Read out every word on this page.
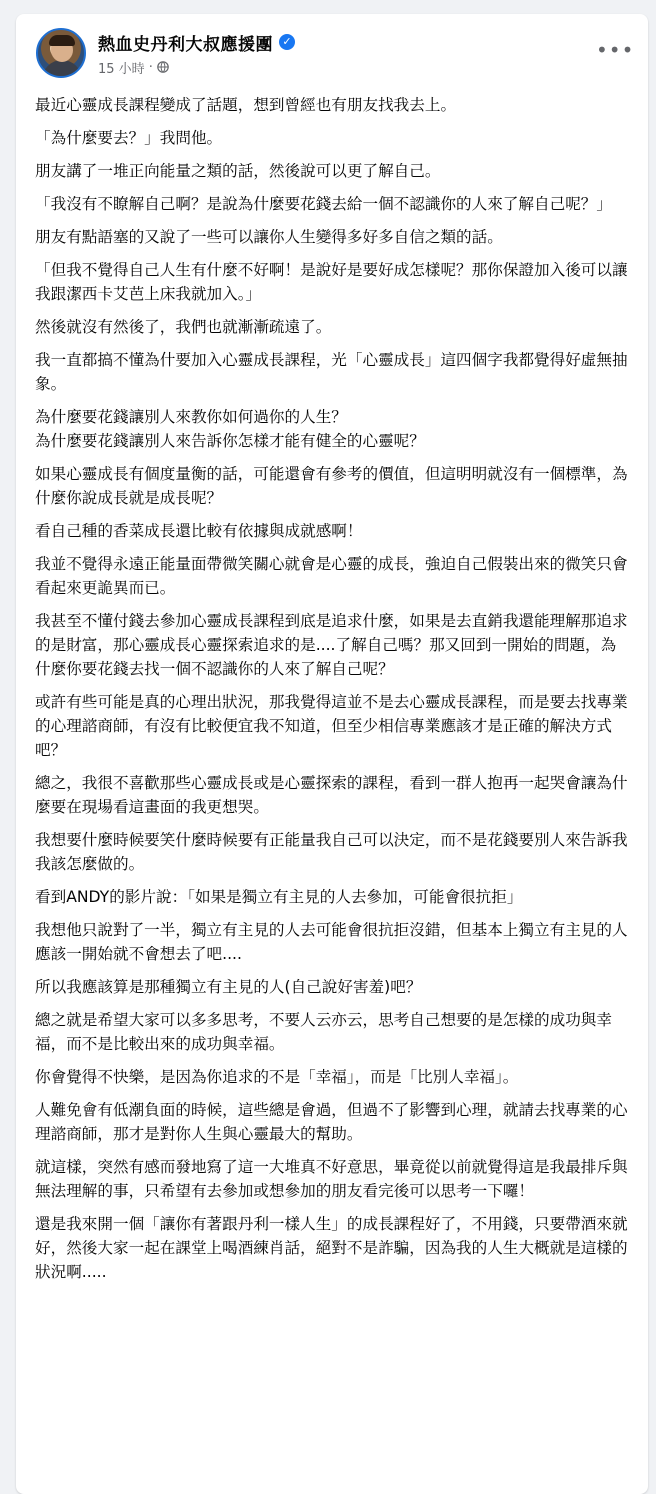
熱血史丹利大叔應援團 ✓
15 小時 ·
•••

最近心靈成長課程變成了話題，想到曾經也有朋友找我去上。

「為什麼要去？」我問他。

朋友講了一堆正向能量之類的話，然後說可以更了解自己。

「我沒有不瞭解自己啊？是說為什麼要花錢去給一個不認識你的人來了解自己呢？」

朋友有點語塞的又說了一些可以讓你人生變得多好多自信之類的話。

「但我不覺得自己人生有什麼不好啊！是說好是要好成怎樣呢？那你保證加入後可以讓我跟潔西卡艾芭上床我就加入。」

然後就沒有然後了，我們也就漸漸疏遠了。

我一直都搞不懂為什要加入心靈成長課程，光「心靈成長」這四個字我都覺得好虛無抽象。

為什麼要花錢讓別人來教你如何過你的人生？
為什麼要花錢讓別人來告訴你怎樣才能有健全的心靈呢？

如果心靈成長有個度量衡的話，可能還會有參考的價值，但這明明就沒有一個標準，為什麼你說成長就是成長呢？

看自己種的香菜成長還比較有依據與成就感啊！

我並不覺得永遠正能量面帶微笑關心就會是心靈的成長，強迫自己假裝出來的微笑只會看起來更詭異而已。

我甚至不懂付錢去參加心靈成長課程到底是追求什麼，如果是去直銷我還能理解那追求的是財富，那心靈成長心靈探索追求的是....了解自己嗎？那又回到一開始的問題，為什麼你要花錢去找一個不認識你的人來了解自己呢？

或許有些可能是真的心理出狀況，那我覺得這並不是去心靈成長課程，而是要去找專業的心理諮商師，有沒有比較便宜我不知道，但至少相信專業應該才是正確的解決方式吧？

總之，我很不喜歡那些心靈成長或是心靈探索的課程，看到一群人抱再一起哭會讓為什麼要在現場看這畫面的我更想哭。

我想要什麼時候要笑什麼時候要有正能量我自己可以決定，而不是花錢要別人來告訴我我該怎麼做的。

看到ANDY的影片說：「如果是獨立有主見的人去參加，可能會很抗拒」

我想他只說對了一半，獨立有主見的人去可能會很抗拒沒錯，但基本上獨立有主見的人應該一開始就不會想去了吧....

所以我應該算是那種獨立有主見的人(自己說好害羞)吧？

總之就是希望大家可以多多思考，不要人云亦云，思考自己想要的是怎樣的成功與幸福，而不是比較出來的成功與幸福。

你會覺得不快樂，是因為你追求的不是「幸福」，而是「比別人幸福」。

人難免會有低潮負面的時候，這些總是會過，但過不了影響到心理，就請去找專業的心理諮商師，那才是對你人生與心靈最大的幫助。

就這樣，突然有感而發地寫了這一大堆真不好意思，畢竟從以前就覺得這是我最排斥與無法理解的事，只希望有去參加或想參加的朋友看完後可以思考一下囉！

還是我來開一個「讓你有著跟丹利一樣人生」的成長課程好了，不用錢，只要帶酒來就好，然後大家一起在課堂上喝酒練肖話，絕對不是詐騙，因為我的人生大概就是這樣的狀況啊.....
